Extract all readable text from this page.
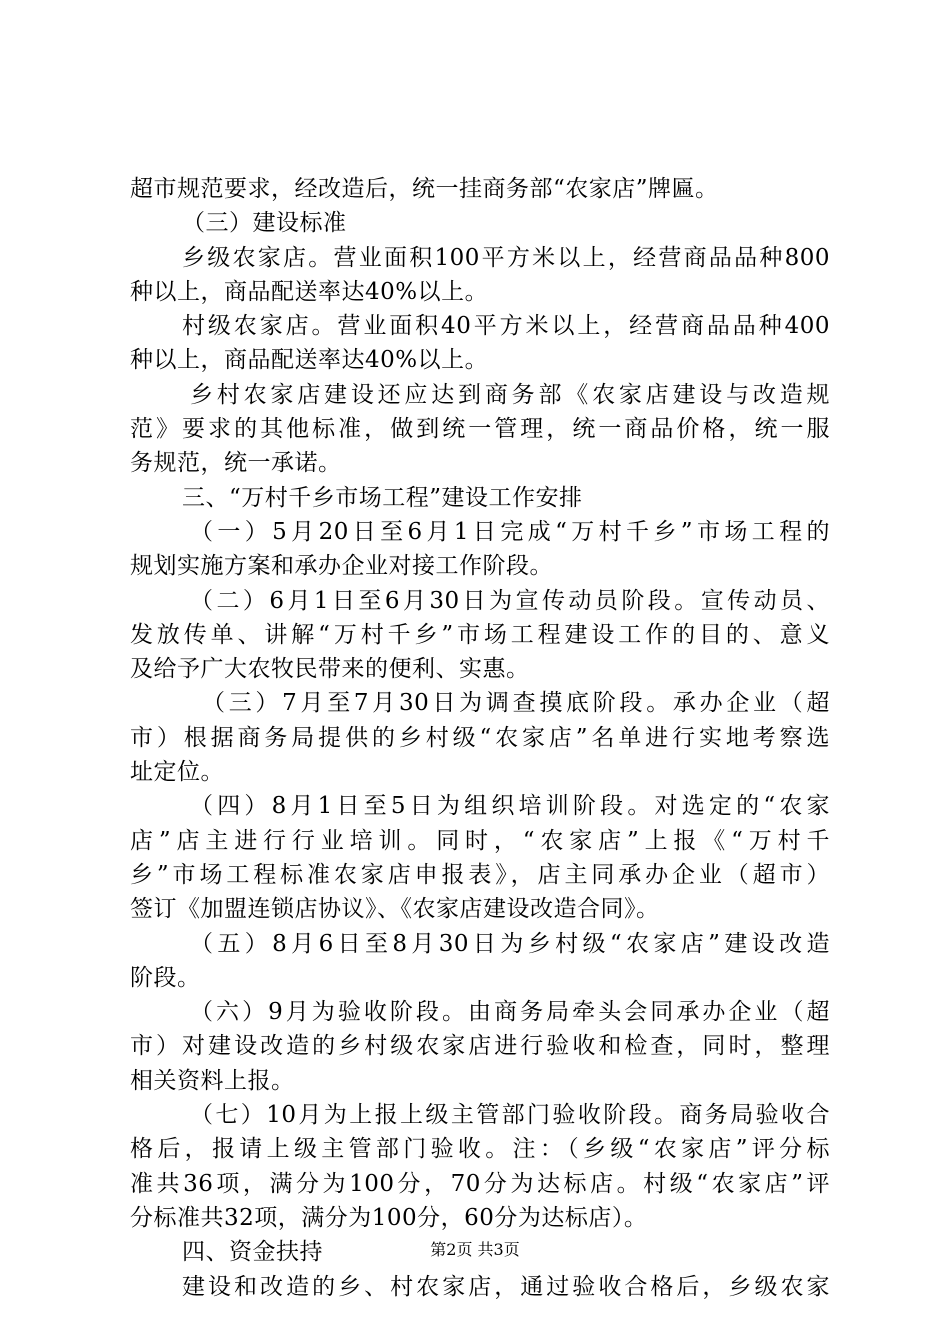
超市规范要求，经改造后，统一挂商务部“农家店”牌匾。
（三）建设标准
乡级农家店。营业面积100平方米以上，经营商品品种800
种以上，商品配送率达40%以上。
村级农家店。营业面积40平方米以上，经营商品品种400
种以上，商品配送率达40%以上。
乡村农家店建设还应达到商务部《农家店建设与改造规
范》要求的其他标准，做到统一管理，统一商品价格，统一服
务规范，统一承诺。
三、“万村千乡市场工程”建设工作安排
（一）5月20日至6月1日完成“万村千乡”市场工程的
规划实施方案和承办企业对接工作阶段。
（二）6月1日至6月30日为宣传动员阶段。宣传动员、
发放传单、讲解“万村千乡”市场工程建设工作的目的、意义
及给予广大农牧民带来的便利、实惠。
（三）7月至7月30日为调查摸底阶段。承办企业（超
市）根据商务局提供的乡村级“农家店”名单进行实地考察选
址定位。
（四）8月1日至5日为组织培训阶段。对选定的“农家
店”店主进行行业培训。同时，“农家店”上报《“万村千
乡”市场工程标准农家店申报表》，店主同承办企业（超市）
签订《加盟连锁店协议》、《农家店建设改造合同》。
（五）8月6日至8月30日为乡村级“农家店”建设改造
阶段。
（六）9月为验收阶段。由商务局牵头会同承办企业（超
市）对建设改造的乡村级农家店进行验收和检查，同时，整理
相关资料上报。
（七）10月为上报上级主管部门验收阶段。商务局验收合
格后，报请上级主管部门验收。注：（乡级“农家店”评分标
准共36项，满分为100分，70分为达标店。村级“农家店”评
分标准共32项，满分为100分，60分为达标店）。
四、资金扶持
建设和改造的乡、村农家店，通过验收合格后，乡级农家
第2页 共3页
